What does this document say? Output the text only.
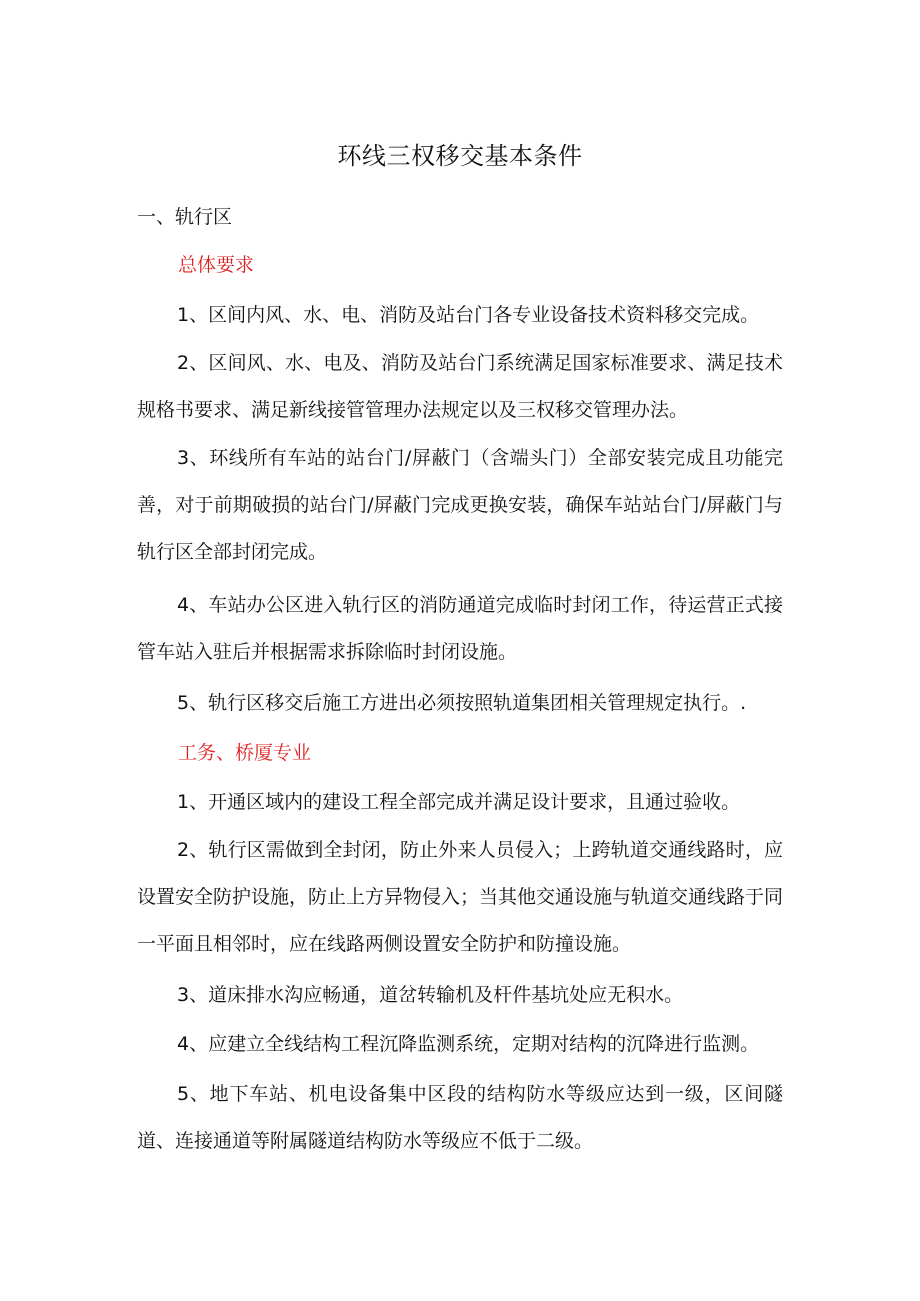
环线三权移交基本条件
一、轨行区
总体要求

1、区间内风、水、电、消防及站台门各专业设备技术资料移交完成。

2、区间风、水、电及、消防及站台门系统满足国家标准要求、满足技术规格书要求、满足新线接管管理办法规定以及三权移交管理办法。

3、环线所有车站的站台门/屏蔽门（含端头门）全部安装完成且功能完善，对于前期破损的站台门/屏蔽门完成更换安装，确保车站站台门/屏蔽门与轨行区全部封闭完成。

4、车站办公区进入轨行区的消防通道完成临时封闭工作，待运营正式接管车站入驻后并根据需求拆除临时封闭设施。

5、轨行区移交后施工方进出必须按照轨道集团相关管理规定执行。.

工务、桥厦专业

1、开通区域内的建设工程全部完成并满足设计要求，且通过验收。

2、轨行区需做到全封闭，防止外来人员侵入；上跨轨道交通线路时，应设置安全防护设施，防止上方异物侵入；当其他交通设施与轨道交通线路于同一平面且相邻时，应在线路两侧设置安全防护和防撞设施。

3、道床排水沟应畅通，道岔转输机及杆件基坑处应无积水。

4、应建立全线结构工程沉降监测系统，定期对结构的沉降进行监测。

5、地下车站、机电设备集中区段的结构防水等级应达到一级，区间隧道、连接通道等附属隧道结构防水等级应不低于二级。
